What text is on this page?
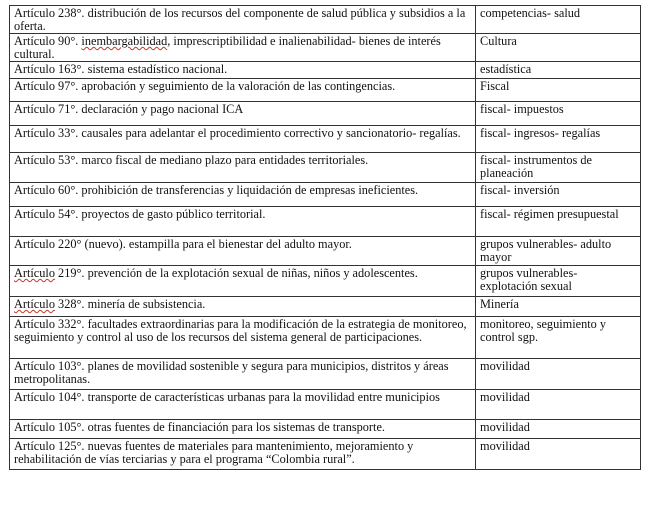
Artículo 238°. distribución de los recursos del componente de salud pública y subsidios a la oferta.	competencias- salud
Artículo 90°. inembargabilidad, imprescriptibilidad e inalienabilidad- bienes de interés cultural.	Cultura
Artículo 163°. sistema estadístico nacional.	estadística
Artículo 97°. aprobación y seguimiento de la valoración de las contingencias.	Fiscal
Artículo 71°. declaración y pago nacional ICA	fiscal- impuestos
Artículo 33°. causales para adelantar el procedimiento correctivo y sancionatorio- regalías.	fiscal- ingresos- regalías
Artículo 53°. marco fiscal de mediano plazo para entidades territoriales.	fiscal- instrumentos de planeación
Artículo 60°. prohibición de transferencias y liquidación de empresas ineficientes.	fiscal- inversión
Artículo 54°. proyectos de gasto público territorial.	fiscal- régimen presupuestal
Artículo 220° (nuevo). estampilla para el bienestar del adulto mayor.	grupos vulnerables- adulto mayor
Artículo 219°. prevención de la explotación sexual de niñas, niños y adolescentes.	grupos vulnerables- explotación sexual
Artículo 328°. minería de subsistencia.	Minería
Artículo 332°. facultades extraordinarias para la modificación de la estrategia de monitoreo, seguimiento y control al uso de los recursos del sistema general de participaciones.	monitoreo, seguimiento y control sgp.
Artículo 103°. planes de movilidad sostenible y segura para municipios, distritos y áreas metropolitanas.	movilidad
Artículo 104°. transporte de características urbanas para la movilidad entre municipios	movilidad
Artículo 105°. otras fuentes de financiación para los sistemas de transporte.	movilidad
Artículo 125°. nuevas fuentes de materiales para mantenimiento, mejoramiento y rehabilitación de vías terciarias y para el programa “Colombia rural”.	movilidad
